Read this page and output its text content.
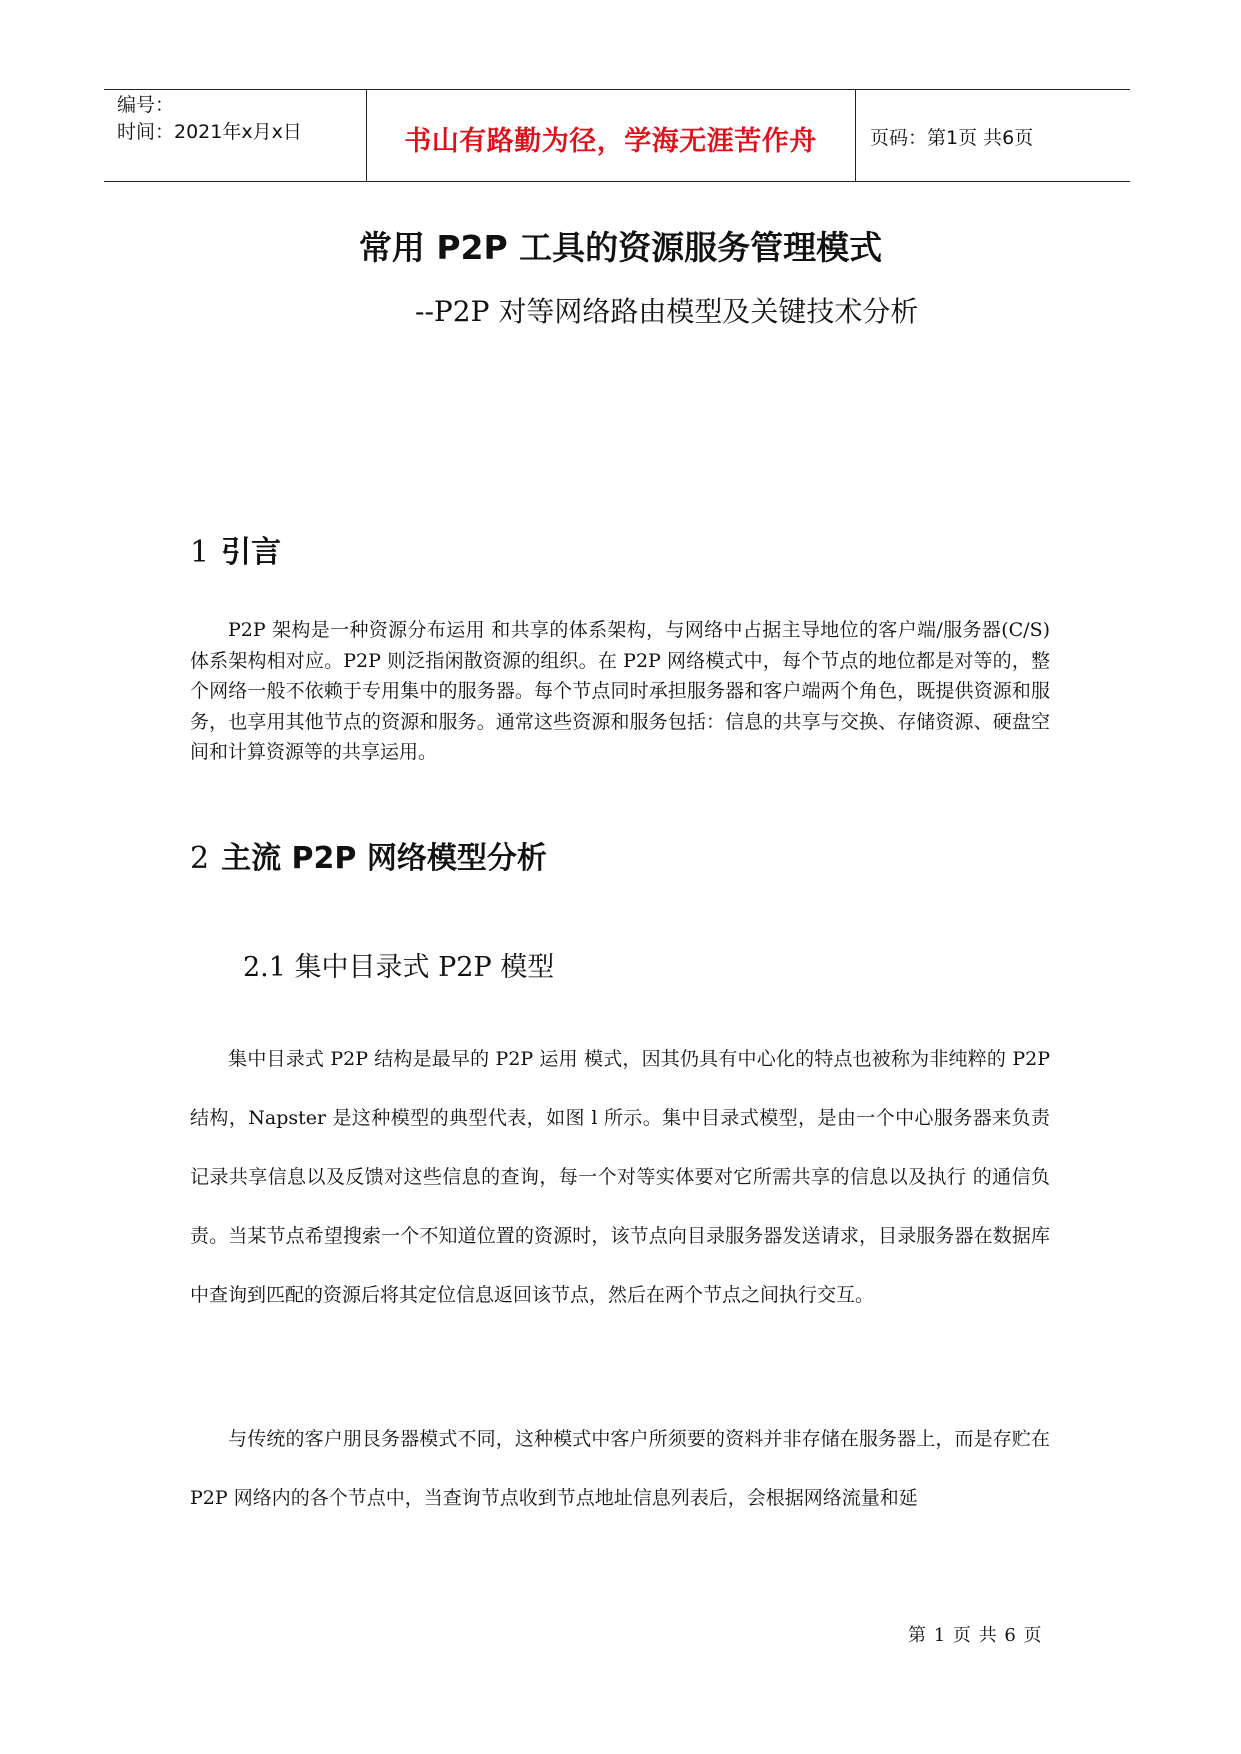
编号：
时间：2021年x月x日	书山有路勤为径，学海无涯苦作舟	页码：第1页 共6页
常用 P2P 工具的资源服务管理模式
--P2P 对等网络路由模型及关键技术分析
1 引言
P2P 架构是一种资源分布运用 和共享的体系架构，与网络中占据主导地位的客户端/服务器(C/S)体系架构相对应。P2P 则泛指闲散资源的组织。在 P2P 网络模式中，每个节点的地位都是对等的，整个网络一般不依赖于专用集中的服务器。每个节点同时承担服务器和客户端两个角色，既提供资源和服务，也享用其他节点的资源和服务。通常这些资源和服务包括：信息的共享与交换、存储资源、硬盘空间和计算资源等的共享运用。
2 主流 P2P 网络模型分析
2.1 集中目录式 P2P 模型
集中目录式 P2P 结构是最早的 P2P 运用 模式，因其仍具有中心化的特点也被称为非纯粹的 P2P 结构，Napster 是这种模型的典型代表，如图 l 所示。集中目录式模型，是由一个中心服务器来负责记录共享信息以及反馈对这些信息的查询，每一个对等实体要对它所需共享的信息以及执行 的通信负责。当某节点希望搜索一个不知道位置的资源时，该节点向目录服务器发送请求，目录服务器在数据库中查询到匹配的资源后将其定位信息返回该节点，然后在两个节点之间执行交互。
与传统的客户朋艮务器模式不同，这种模式中客户所须要的资料并非存储在服务器上，而是存贮在 P2P 网络内的各个节点中，当查询节点收到节点地址信息列表后，会根据网络流量和延
第 1 页 共 6 页
